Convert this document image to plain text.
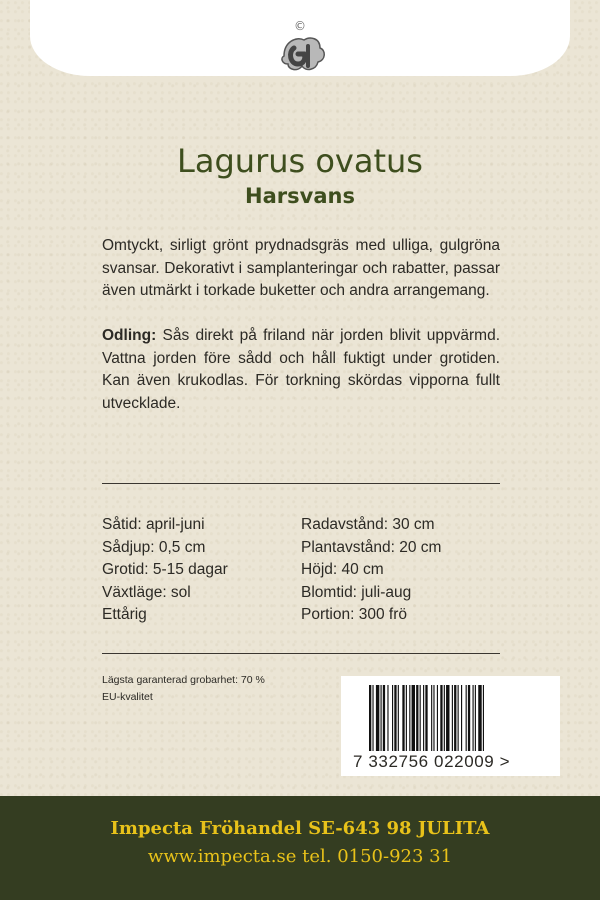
©
Lagurus ovatus
Harsvans
Omtyckt, sirligt grönt prydnadsgräs med ulliga, gulgröna svansar. Dekorativt i samplanteringar och rabatter, passar även utmärkt i torkade buketter och andra arrangemang.
Odling: Sås direkt på friland när jorden blivit uppvärmd. Vattna jorden före sådd och håll fuktigt under grotiden. Kan även krukodlas. För torkning skördas vipporna fullt utvecklade.
Såtid: april-juni
Sådjup: 0,5 cm
Grotid: 5-15 dagar
Växtläge: sol
Ettårig
Radavstånd: 30 cm
Plantavstånd: 20 cm
Höjd: 40 cm
Blomtid: juli-aug
Portion: 300 frö
Lägsta garanterad grobarhet: 70 %
EU-kvalitet
7 332756 022009 >
Impecta Fröhandel SE-643 98 JULITA
www.impecta.se tel. 0150-923 31
